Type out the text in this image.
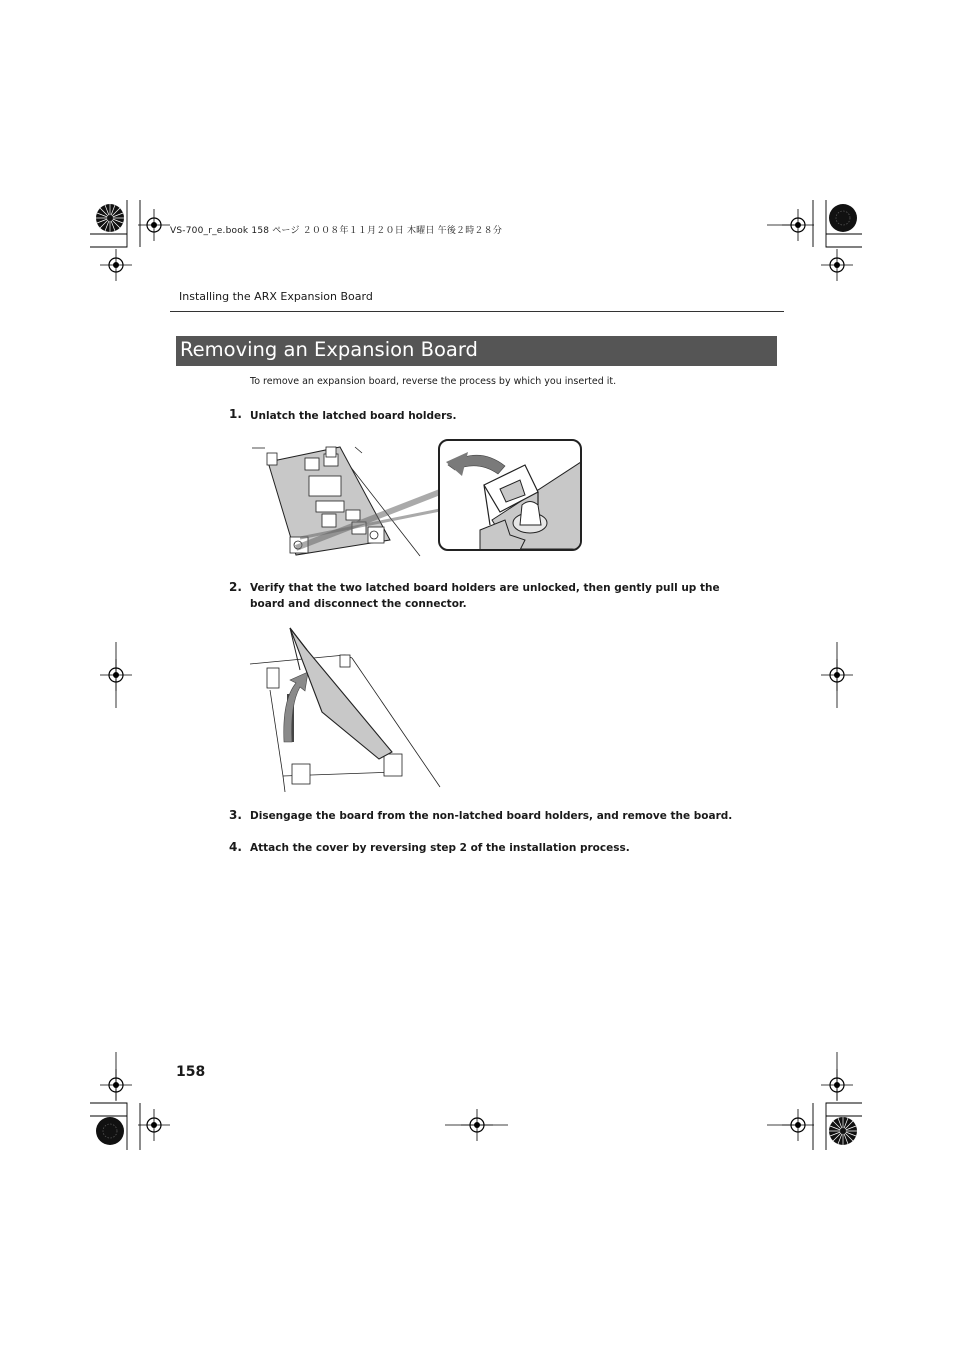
VS-700_r_e.book 158 ページ ２００８年１１月２０日 木曜日 午後２時２８分
Installing the ARX Expansion Board
Removing an Expansion Board
To remove an expansion board, reverse the process by which you inserted it.
1. Unlatch the latched board holders.
2. Verify that the two latched board holders are unlocked, then gently pull up the board and disconnect the connector.
3. Disengage the board from the non-latched board holders, and remove the board.
4. Attach the cover by reversing step 2 of the installation process.
158
